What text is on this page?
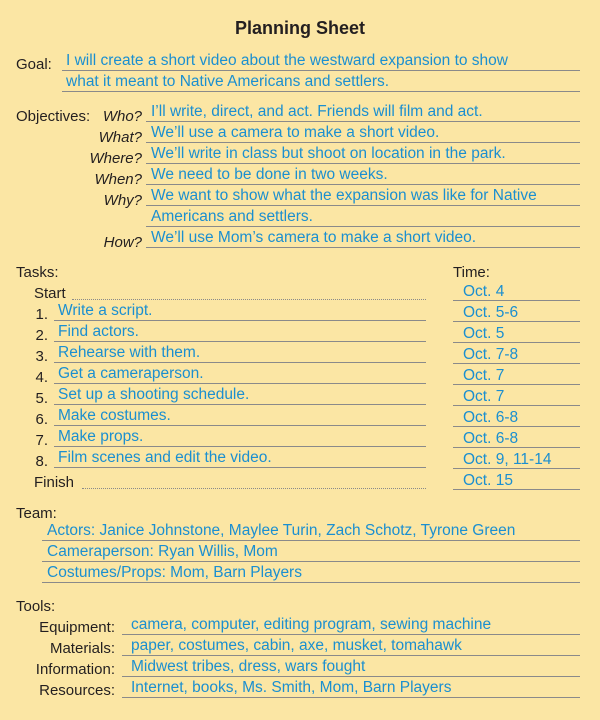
Planning Sheet
Goal: I will create a short video about the westward expansion to show
what it meant to Native Americans and settlers.
Objectives: Who? I’ll write, direct, and act. Friends will film and act.
What? We’ll use a camera to make a short video.
Where? We’ll write in class but shoot on location in the park.
When? We need to be done in two weeks.
Why? We want to show what the expansion was like for Native
Americans and settlers.
How? We’ll use Mom’s camera to make a short video.
Tasks:	Time:
Start	Oct. 4
1. Write a script.	Oct. 5-6
2. Find actors.	Oct. 5
3. Rehearse with them.	Oct. 7-8
4. Get a cameraperson.	Oct. 7
5. Set up a shooting schedule.	Oct. 7
6. Make costumes.	Oct. 6-8
7. Make props.	Oct. 6-8
8. Film scenes and edit the video.	Oct. 9, 11-14
Finish	Oct. 15
Team:
Actors: Janice Johnstone, Maylee Turin, Zach Schotz, Tyrone Green
Cameraperson: Ryan Willis, Mom
Costumes/Props: Mom, Barn Players
Tools:
Equipment: camera, computer, editing program, sewing machine
Materials: paper, costumes, cabin, axe, musket, tomahawk
Information: Midwest tribes, dress, wars fought
Resources: Internet, books, Ms. Smith, Mom, Barn Players
